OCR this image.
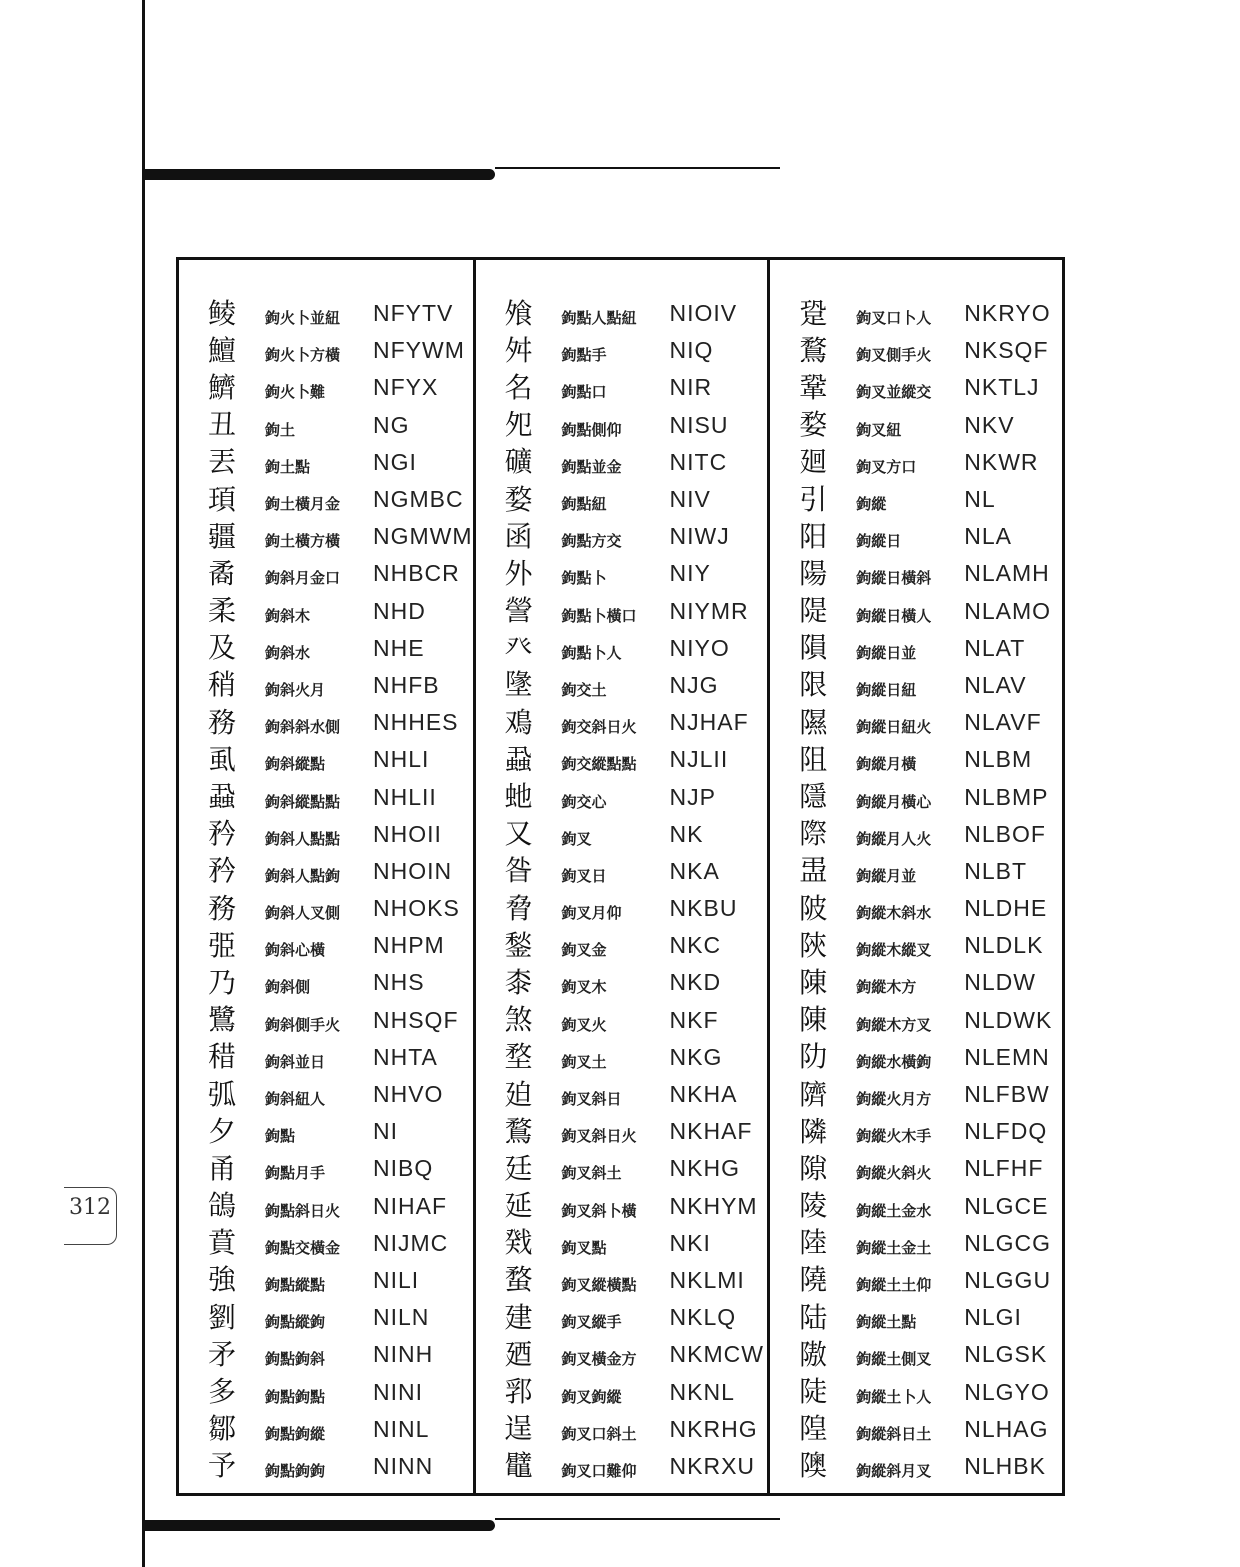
312
鲮	鉤火卜並紐	NFYTV
鱣	鉤火卜方橫	NFYWM
鱭	鉤火卜難	NFYX
丑	鉤土	NG
丟	鉤土點	NGI
頊	鉤土橫月金	NGMBC
疆	鉤土橫方橫	NGMWM
矞	鉤斜月金口	NHBCR
柔	鉤斜木	NHD
及	鉤斜水	NHE
稍	鉤斜火月	NHFB
務	鉤斜斜水側	NHHES
虱	鉤斜縱點	NHLI
蝨	鉤斜縱點點	NHLII
矜	鉤斜人點點	NHOII
矜	鉤斜人點鉤	NHOIN
務	鉤斜人叉側	NHOKS
弫	鉤斜心橫	NHPM
乃	鉤斜側	NHS
鷺	鉤斜側手火	NHSQF
稓	鉤斜並日	NHTA
弧	鉤斜紐人	NHVO
夕	鉤點	NI
甬	鉤點月手	NIBQ
鴿	鉤點斜日火	NIHAF
賁	鉤點交橫金	NIJMC
強	鉤點縱點	NILI
劉	鉤點縱鉤	NILN
矛	鉤點鉤斜	NINH
多	鉤點鉤點	NINI
鄒	鉤點鉤縱	NINL
予	鉤點鉤鉤	NINN
飧	鉤點人點紐	NIOIV
舛	鉤點手	NIQ
名	鉤點口	NIR
夗	鉤點側仰	NISU
礦	鉤點並金	NITC
婺	鉤點紐	NIV
函	鉤點方交	NIWJ
外	鉤點卜	NIY
謍	鉤點卜橫口	NIYMR
癶	鉤點卜人	NIYO
墬	鉤交土	NJG
鳮	鉤交斜日火	NJHAF
蝨	鉤交縱點點	NJLII
虵	鉤交心	NJP
又	鉤叉	NK
昝	鉤叉日	NKA
脅	鉤叉月仰	NKBU
鍫	鉤叉金	NKC
桼	鉤叉木	NKD
煞	鉤叉火	NKF
堥	鉤叉土	NKG
廹	鉤叉斜日	NKHA
鶩	鉤叉斜日火	NKHAF
廷	鉤叉斜土	NKHG
延	鉤叉斜卜橫	NKHYM
戣	鉤叉點	NKI
蝥	鉤叉縱橫點	NKLMI
建	鉤叉縱手	NKLQ
廼	鉤叉橫金方	NKMCW
郛	鉤叉鉤縱	NKNL
逞	鉤叉口斜土	NKRHG
鼊	鉤叉口難仰	NKRXU
跫	鉤叉口卜人	NKRYO
鶩	鉤叉側手火	NKSQF
鞏	鉤叉並縱交	NKTLJ
婺	鉤叉紐	NKV
廻	鉤叉方口	NKWR
引	鉤縱	NL
阳	鉤縱日	NLA
陽	鉤縱日橫斜	NLAMH
隄	鉤縱日橫人	NLAMO
隕	鉤縱日並	NLAT
限	鉤縱日紐	NLAV
隰	鉤縱日紐火	NLAVF
阻	鉤縱月橫	NLBM
隱	鉤縱月橫心	NLBMP
際	鉤縱月人火	NLBOF
盄	鉤縱月並	NLBT
陂	鉤縱木斜水	NLDHE
陝	鉤縱木縱叉	NLDLK
陳	鉤縱木方	NLDW
陳	鉤縱木方叉	NLDWK
阞	鉤縱水橫鉤	NLEMN
隮	鉤縱火月方	NLFBW
隣	鉤縱火木手	NLFDQ
隙	鉤縱火斜火	NLFHF
陵	鉤縱土金水	NLGCE
陸	鉤縱土金土	NLGCG
隢	鉤縱土土仰	NLGGU
陆	鉤縱土點	NLGI
隞	鉤縱土側叉	NLGSK
陡	鉤縱土卜人	NLGYO
隍	鉤縱斜日土	NLHAG
隩	鉤縱斜月叉	NLHBK
